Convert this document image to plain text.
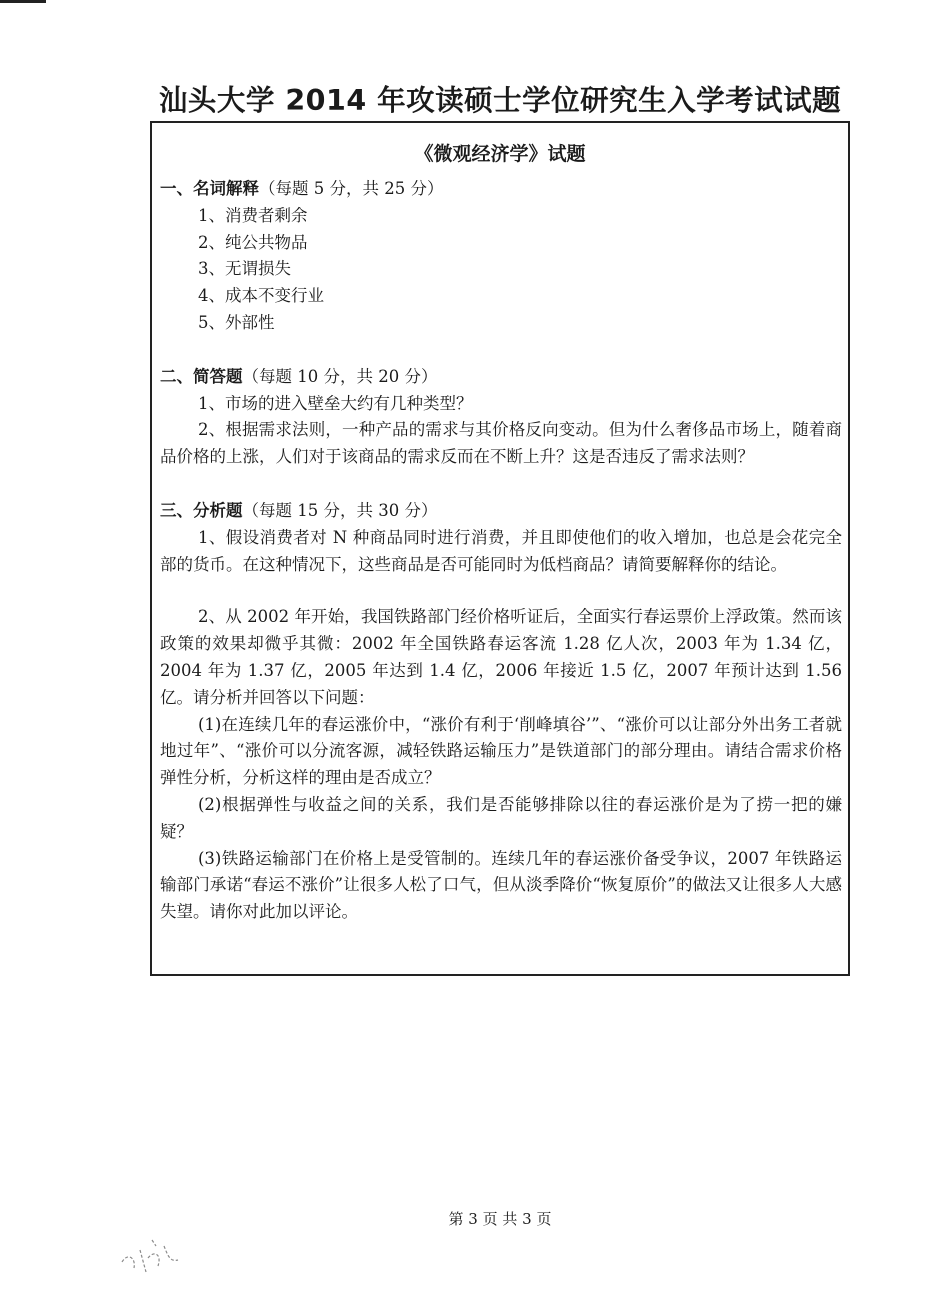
汕头大学 2014 年攻读硕士学位研究生入学考试试题
《微观经济学》试题
一、名词解释（每题 5 分，共 25 分）
1、消费者剩余
2、纯公共物品
3、无谓损失
4、成本不变行业
5、外部性
二、简答题（每题 10 分，共 20 分）
1、市场的进入壁垒大约有几种类型？
2、根据需求法则，一种产品的需求与其价格反向变动。但为什么奢侈品市场上，随着商品价格的上涨，人们对于该商品的需求反而在不断上升？这是否违反了需求法则？
三、分析题（每题 15 分，共 30 分）
1、假设消费者对 N 种商品同时进行消费，并且即使他们的收入增加，也总是会花完全部的货币。在这种情况下，这些商品是否可能同时为低档商品？请简要解释你的结论。
2、从 2002 年开始，我国铁路部门经价格听证后，全面实行春运票价上浮政策。然而该政策的效果却微乎其微：2002 年全国铁路春运客流 1.28 亿人次，2003 年为 1.34 亿，2004 年为 1.37 亿，2005 年达到 1.4 亿，2006 年接近 1.5 亿，2007 年预计达到 1.56 亿。请分析并回答以下问题：
(1)在连续几年的春运涨价中，“涨价有利于‘削峰填谷’”、“涨价可以让部分外出务工者就地过年”、“涨价可以分流客源，减轻铁路运输压力”是铁道部门的部分理由。请结合需求价格弹性分析，分析这样的理由是否成立？
(2)根据弹性与收益之间的关系，我们是否能够排除以往的春运涨价是为了捞一把的嫌疑？
(3)铁路运输部门在价格上是受管制的。连续几年的春运涨价备受争议，2007 年铁路运输部门承诺“春运不涨价”让很多人松了口气，但从淡季降价“恢复原价”的做法又让很多人大感失望。请你对此加以评论。
第 3 页 共 3 页
